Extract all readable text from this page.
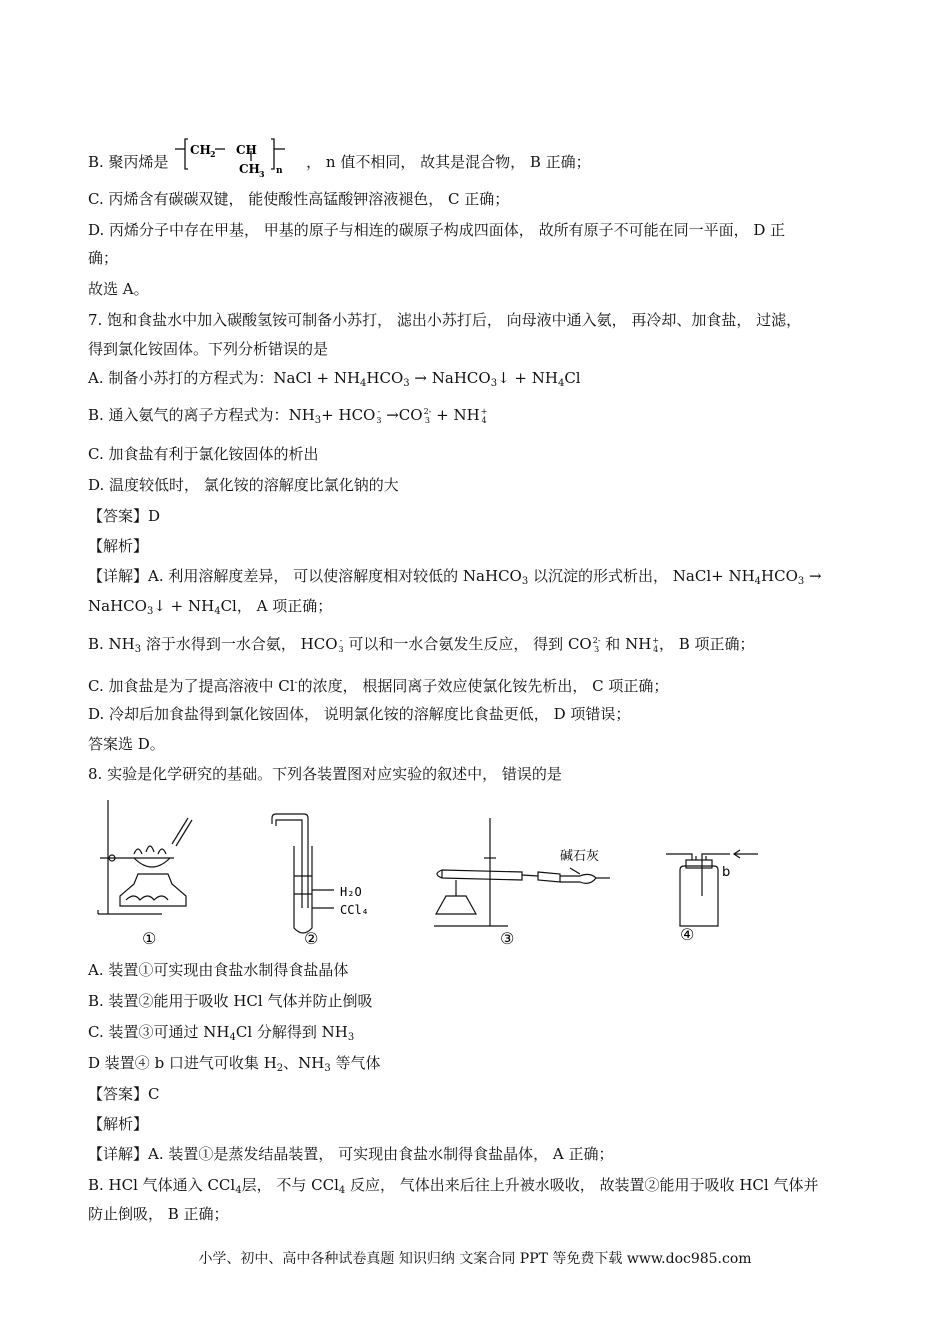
B. 聚丙烯是
CH 2 CH
CH 3 n ， n 值不相同， 故其是混合物， B 正确；
C. 丙烯含有碳碳双键， 能使酸性高锰酸钾溶液褪色， C 正确；
D. 丙烯分子中存在甲基， 甲基的原子与相连的碳原子构成四面体， 故所有原子不可能在同一平面， D 正
确；
故选 A。
7. 饱和食盐水中加入碳酸氢铵可制备小苏打， 滤出小苏打后， 向母液中通入氨， 再冷却、加食盐， 过滤，
得到氯化铵固体。下列分析错误的是
A. 制备小苏打的方程式为：NaCl + $NH_4HCO_3$ → NaHCO$_3$↓ + $NH_4Cl$
B. 通入氨气的离子方程式为：$NH_3+$ HCO -
3 →CO2-
3 + NH+
4
C. 加食盐有利于氯化铵固体的析出
D. 温度较低时， 氯化铵的溶解度比氯化钠的大
【答案】D
【解析】
【详解】A. 利用溶解度差异， 可以使溶解度相对较低的 NaHCO$_3$ 以沉淀的形式析出， NaCl+ $NH_4HCO_3$ →
NaHCO$_3$↓ + $NH_4Cl$， A 项正确；
B. $NH_3$ 溶于水得到一水合氨， HCO -
3 可以和一水合氨发生反应， 得到 CO2-
3 和 NH+
4， B 项正确；
C. 加食盐是为了提高溶液中 Cl-的浓度， 根据同离子效应使氯化铵先析出， C 项正确；
D. 冷却后加食盐得到氯化铵固体， 说明氯化铵的溶解度比食盐更低， D 项错误；
答案选 D。
8. 实验是化学研究的基础。下列各装置图对应实验的叙述中， 错误的是
H₂O
CCl₄
碱石灰
b
①	②	③	④
A. 装置①可实现由食盐水制得食盐晶体
B. 装置②能用于吸收 HCl 气体并防止倒吸
C. 装置③可通过 $NH_4Cl$ 分解得到 $NH_3$
D 装置④ b 口进气可收集 $H_2$、$NH_3$ 等气体
【答案】C
【解析】
【详解】A. 装置①是蒸发结晶装置， 可实现由食盐水制得食盐晶体， A 正确；
B. HCl 气体通入 CCl$_4$层， 不与 CCl$_4$ 反应， 气体出来后往上升被水吸收， 故装置②能用于吸收 HCl 气体并
防止倒吸， B 正确；
小学、初中、高中各种试卷真题 知识归纳 文案合同 PPT 等免费下载 www.doc985.com
